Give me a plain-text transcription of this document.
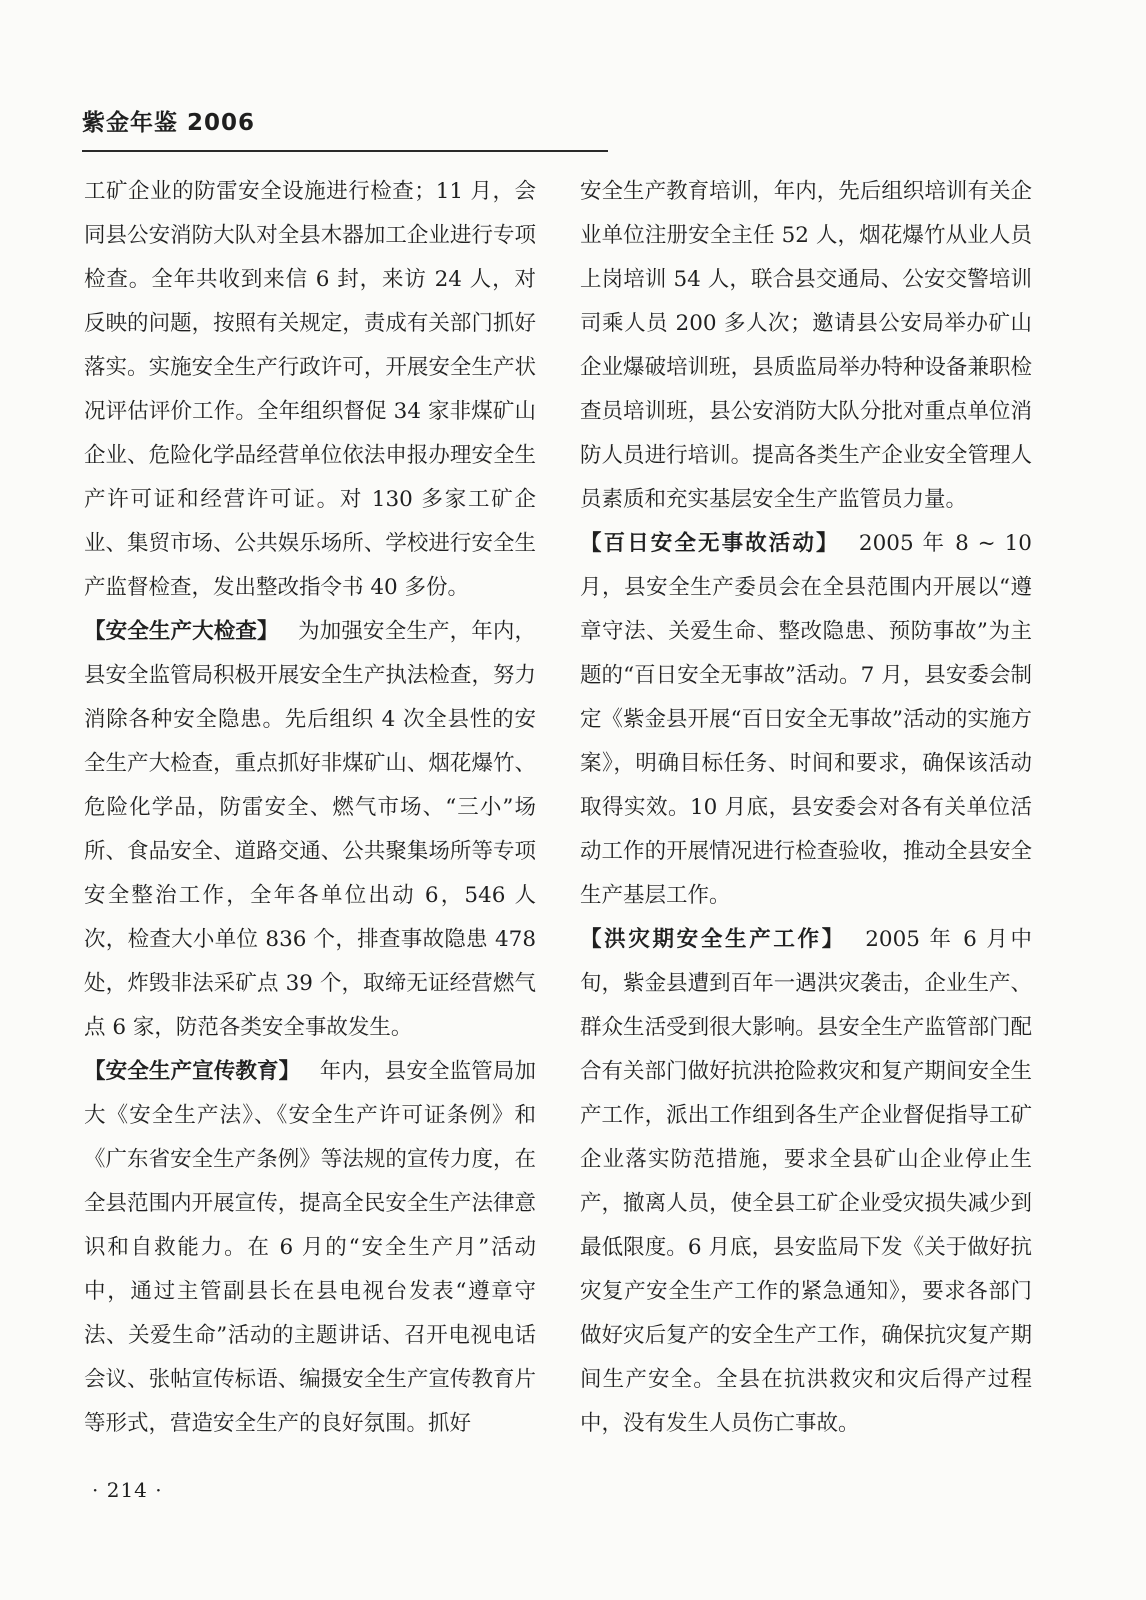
紫金年鉴 2006

工矿企业的防雷安全设施进行检查；11 月，会同县公安消防大队对全县木器加工企业进行专项检查。全年共收到来信 6 封，来访 24 人，对反映的问题，按照有关规定，责成有关部门抓好落实。实施安全生产行政许可，开展安全生产状况评估评价工作。全年组织督促 34 家非煤矿山企业、危险化学品经营单位依法申报办理安全生产许可证和经营许可证。对 130 多家工矿企业、集贸市场、公共娱乐场所、学校进行安全生产监督检查，发出整改指令书 40 多份。

【安全生产大检查】 为加强安全生产，年内，县安全监管局积极开展安全生产执法检查，努力消除各种安全隐患。先后组织 4 次全县性的安全生产大检查，重点抓好非煤矿山、烟花爆竹、危险化学品，防雷安全、燃气市场、“三小”场所、食品安全、道路交通、公共聚集场所等专项安全整治工作，全年各单位出动 6，546 人次，检查大小单位 836 个，排查事故隐患 478 处，炸毁非法采矿点 39 个，取缔无证经营燃气点 6 家，防范各类安全事故发生。

【安全生产宣传教育】 年内，县安全监管局加大《安全生产法》、《安全生产许可证条例》和《广东省安全生产条例》等法规的宣传力度，在全县范围内开展宣传，提高全民安全生产法律意识和自救能力。在 6 月的“安全生产月”活动中，通过主管副县长在县电视台发表“遵章守法、关爱生命”活动的主题讲话、召开电视电话会议、张帖宣传标语、编摄安全生产宣传教育片等形式，营造安全生产的良好氛围。抓好

安全生产教育培训，年内，先后组织培训有关企业单位注册安全主任 52 人，烟花爆竹从业人员上岗培训 54 人，联合县交通局、公安交警培训司乘人员 200 多人次；邀请县公安局举办矿山企业爆破培训班，县质监局举办特种设备兼职检查员培训班，县公安消防大队分批对重点单位消防人员进行培训。提高各类生产企业安全管理人员素质和充实基层安全生产监管员力量。

【百日安全无事故活动】 2005 年 8 ~ 10 月，县安全生产委员会在全县范围内开展以“遵章守法、关爱生命、整改隐患、预防事故”为主题的“百日安全无事故”活动。7 月，县安委会制定《紫金县开展“百日安全无事故”活动的实施方案》，明确目标任务、时间和要求，确保该活动取得实效。10 月底，县安委会对各有关单位活动工作的开展情况进行检查验收，推动全县安全生产基层工作。

【洪灾期安全生产工作】 2005 年 6 月中旬，紫金县遭到百年一遇洪灾袭击，企业生产、群众生活受到很大影响。县安全生产监管部门配合有关部门做好抗洪抢险救灾和复产期间安全生产工作，派出工作组到各生产企业督促指导工矿企业落实防范措施，要求全县矿山企业停止生产，撤离人员，使全县工矿企业受灾损失减少到最低限度。6 月底，县安监局下发《关于做好抗灾复产安全生产工作的紧急通知》，要求各部门做好灾后复产的安全生产工作，确保抗灾复产期间生产安全。全县在抗洪救灾和灾后得产过程中，没有发生人员伤亡事故。

· 214 ·
